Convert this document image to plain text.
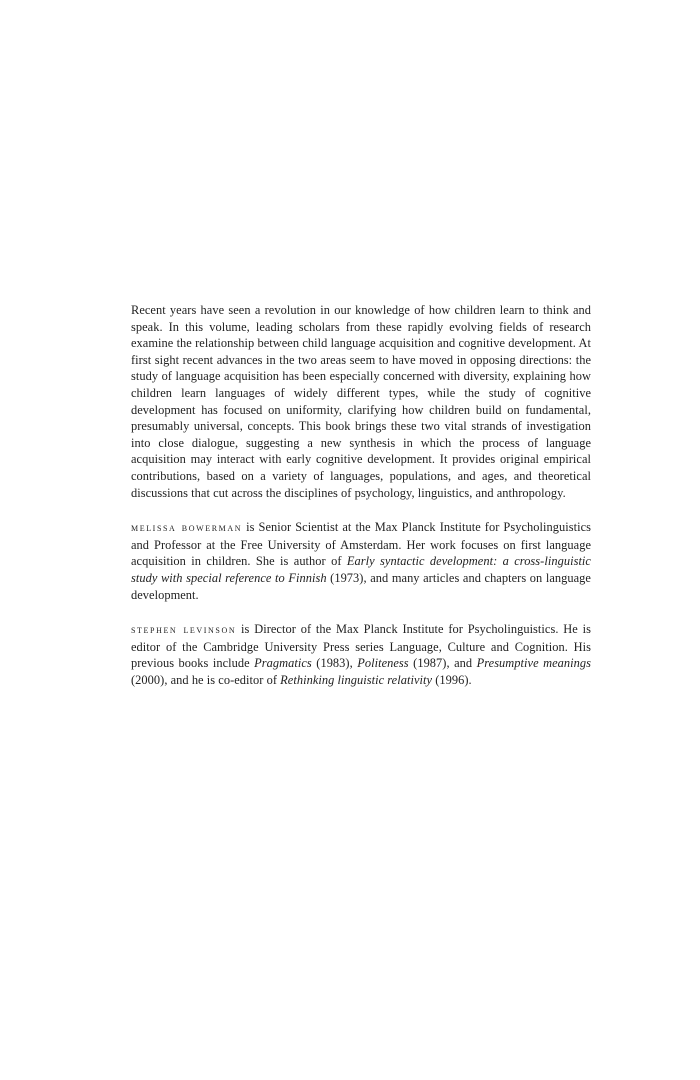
Recent years have seen a revolution in our knowledge of how children learn to think and speak. In this volume, leading scholars from these rapidly evolving fields of research examine the relationship between child language acquisition and cognitive development. At first sight recent advances in the two areas seem to have moved in opposing directions: the study of language acquisition has been especially concerned with diversity, explaining how children learn languages of widely different types, while the study of cognitive development has focused on uniformity, clarifying how children build on fundamental, presumably universal, concepts. This book brings these two vital strands of investigation into close dialogue, suggesting a new synthesis in which the process of language acquisition may interact with early cognitive development. It provides original empirical contributions, based on a variety of languages, populations, and ages, and theoretical discussions that cut across the disciplines of psychology, linguistics, and anthropology.

melissa bowerman is Senior Scientist at the Max Planck Institute for Psycholinguistics and Professor at the Free University of Amsterdam. Her work focuses on first language acquisition in children. She is author of Early syntactic development: a cross-linguistic study with special reference to Finnish (1973), and many articles and chapters on language development.

stephen levinson is Director of the Max Planck Institute for Psycholinguistics. He is editor of the Cambridge University Press series Language, Culture and Cognition. His previous books include Pragmatics (1983), Politeness (1987), and Presumptive meanings (2000), and he is co-editor of Rethinking linguistic relativity (1996).
